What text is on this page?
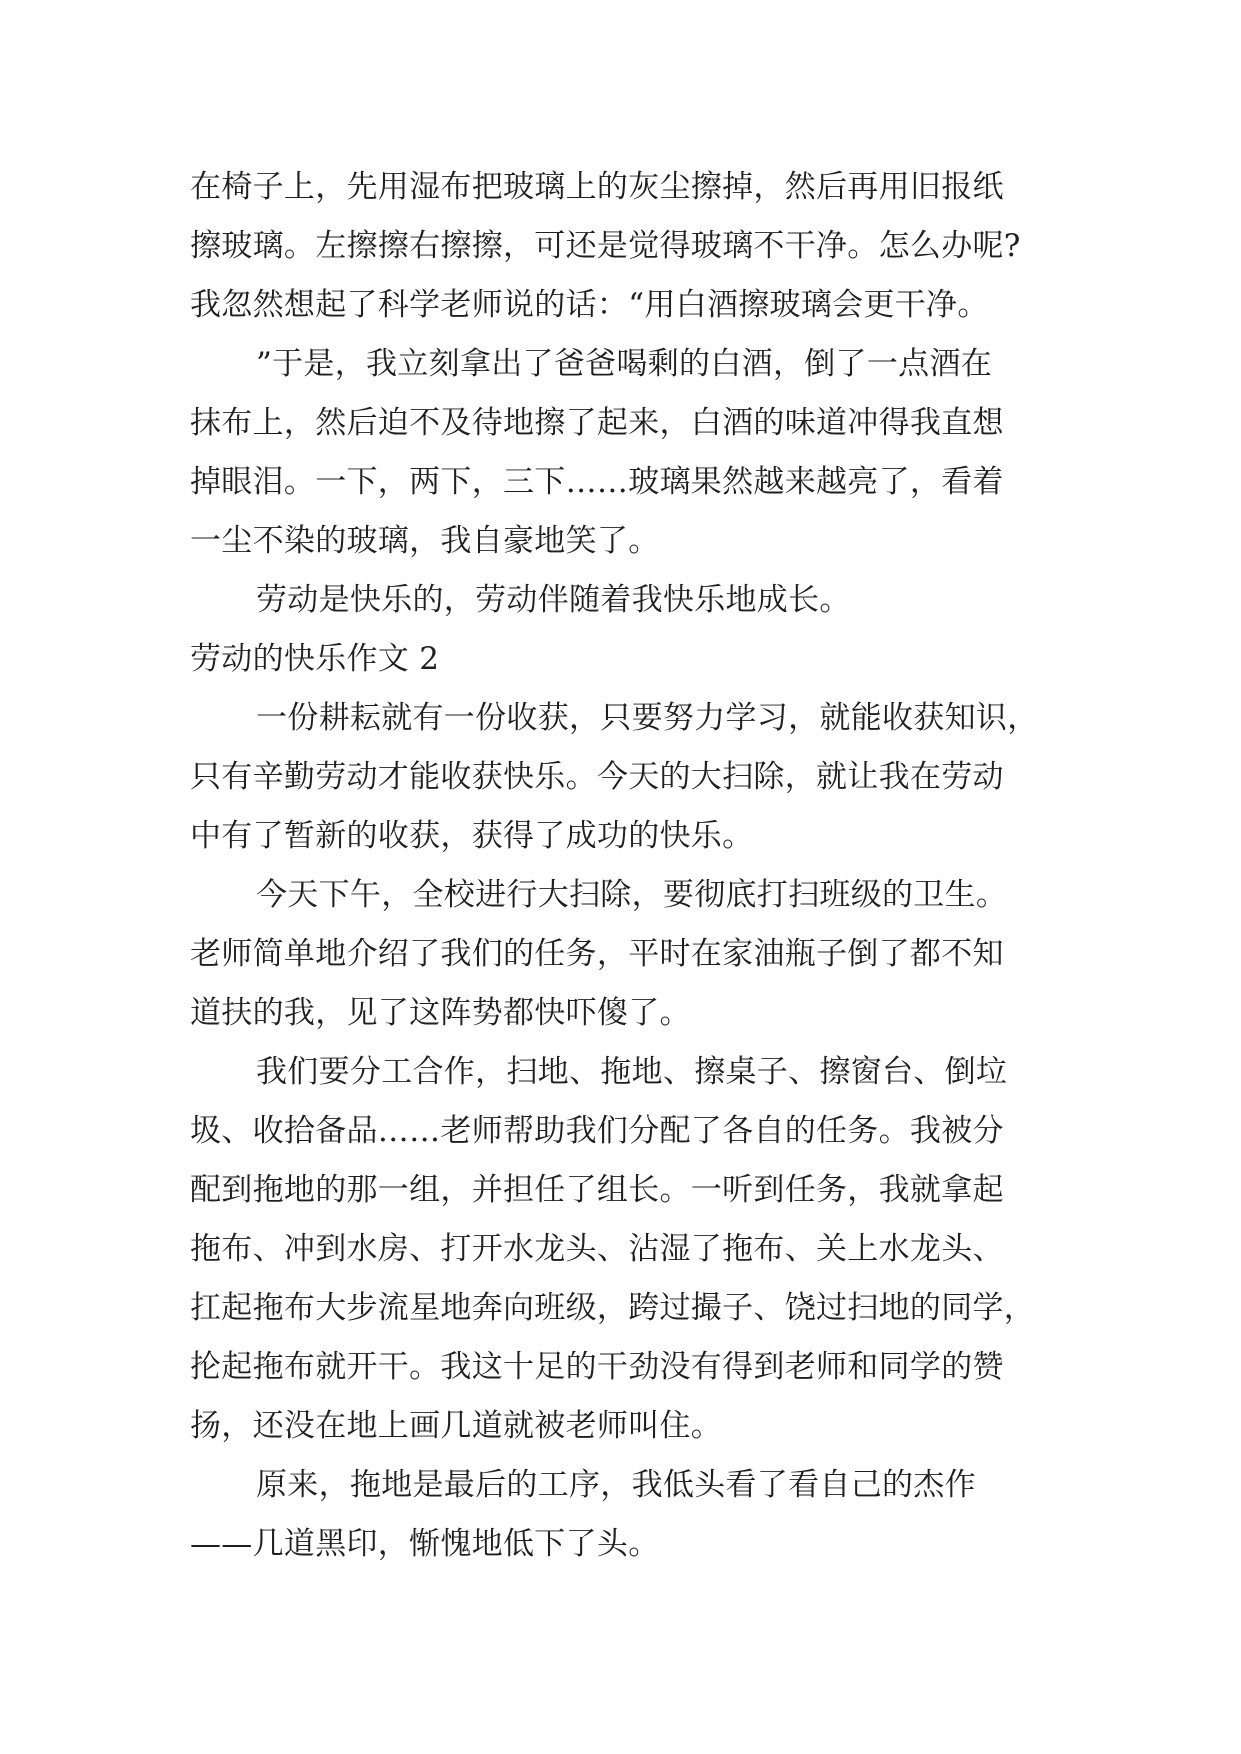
在椅子上，先用湿布把玻璃上的灰尘擦掉，然后再用旧报纸
擦玻璃。左擦擦右擦擦，可还是觉得玻璃不干净。怎么办呢?
我忽然想起了科学老师说的话：“用白酒擦玻璃会更干净。
”于是，我立刻拿出了爸爸喝剩的白酒，倒了一点酒在
抹布上，然后迫不及待地擦了起来，白酒的味道冲得我直想
掉眼泪。一下，两下，三下……玻璃果然越来越亮了，看着
一尘不染的玻璃，我自豪地笑了。
劳动是快乐的，劳动伴随着我快乐地成长。
劳动的快乐作文 2
一份耕耘就有一份收获，只要努力学习，就能收获知识，
只有辛勤劳动才能收获快乐。今天的大扫除，就让我在劳动
中有了暂新的收获，获得了成功的快乐。
今天下午，全校进行大扫除，要彻底打扫班级的卫生。
老师简单地介绍了我们的任务，平时在家油瓶子倒了都不知
道扶的我，见了这阵势都快吓傻了。
我们要分工合作，扫地、拖地、擦桌子、擦窗台、倒垃
圾、收拾备品……老师帮助我们分配了各自的任务。我被分
配到拖地的那一组，并担任了组长。一听到任务，我就拿起
拖布、冲到水房、打开水龙头、沾湿了拖布、关上水龙头、
扛起拖布大步流星地奔向班级，跨过撮子、饶过扫地的同学，
抡起拖布就开干。我这十足的干劲没有得到老师和同学的赞
扬，还没在地上画几道就被老师叫住。
原来，拖地是最后的工序，我低头看了看自己的杰作
——几道黑印，惭愧地低下了头。
